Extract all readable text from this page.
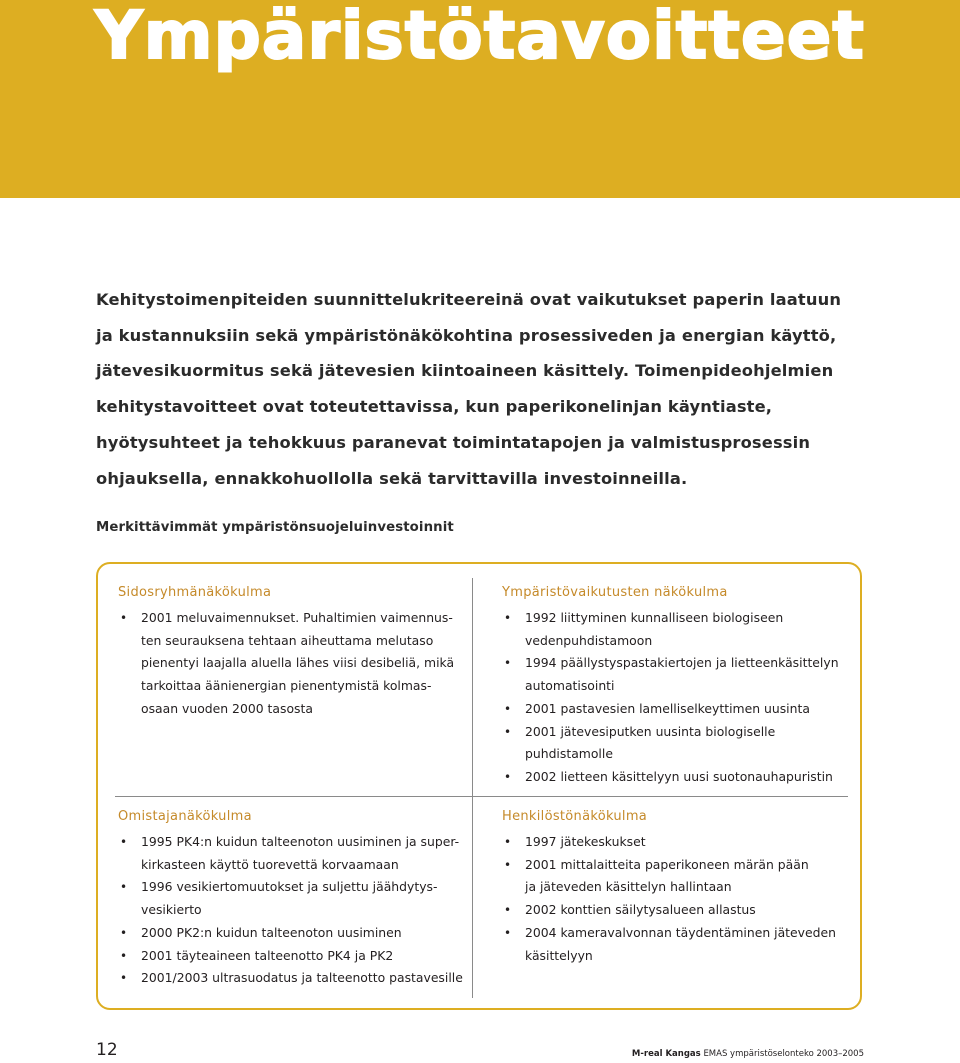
Ympäristötavoitteet

Kehitystoimenpiteiden suunnittelukriteereinä ovat vaikutukset paperin laatuun
ja kustannuksiin sekä ympäristönäkökohtina prosessiveden ja energian käyttö,
jätevesikuormitus sekä jätevesien kiintoaineen käsittely. Toimenpideohjelmien
kehitystavoitteet ovat toteutettavissa, kun paperikonelinjan käyntiaste,
hyötysuhteet ja tehokkuus paranevat toimintatapojen ja valmistusprosessin
ohjauksella, ennakkohuollolla sekä tarvittavilla investoinneilla.

Merkittävimmät ympäristönsuojeluinvestoinnit
Sidosryhmänäkökulma
• 2001 meluvaimennukset. Puhaltimien vaimennus-
ten seurauksena tehtaan aiheuttama melutaso
pienentyi laajalla aluella lähes viisi desibeliä, mikä
tarkoittaa äänienergian pienentymistä kolmas-
osaan vuoden 2000 tasosta
Ympäristövaikutusten näkökulma
• 1992 liittyminen kunnalliseen biologiseen
vedenpuhdistamoon
• 1994 päällystyspastakiertojen ja lietteenkäsittelyn
automatisointi
• 2001 pastavesien lamelliselkeyttimen uusinta
• 2001 jätevesiputken uusinta biologiselle
puhdistamolle
• 2002 lietteen käsittelyyn uusi suotonauhapuristin
Omistajanäkökulma
• 1995 PK4:n kuidun talteenoton uusiminen ja super-
kirkasteen käyttö tuorevettä korvaamaan
• 1996 vesikiertomuutokset ja suljettu jäähdytys-
vesikierto
• 2000 PK2:n kuidun talteenoton uusiminen
• 2001 täyteaineen talteenotto PK4 ja PK2
• 2001/2003 ultrasuodatus ja talteenotto pastavesille
Henkilöstönäkökulma
• 1997 jätekeskukset
• 2001 mittalaitteita paperikoneen märän pään
ja jäteveden käsittelyn hallintaan
• 2002 konttien säilytysalueen allastus
• 2004 kameravalvonnan täydentäminen jäteveden
käsittelyyn
12	M-real Kangas EMAS ympäristöselonteko 2003–2005
